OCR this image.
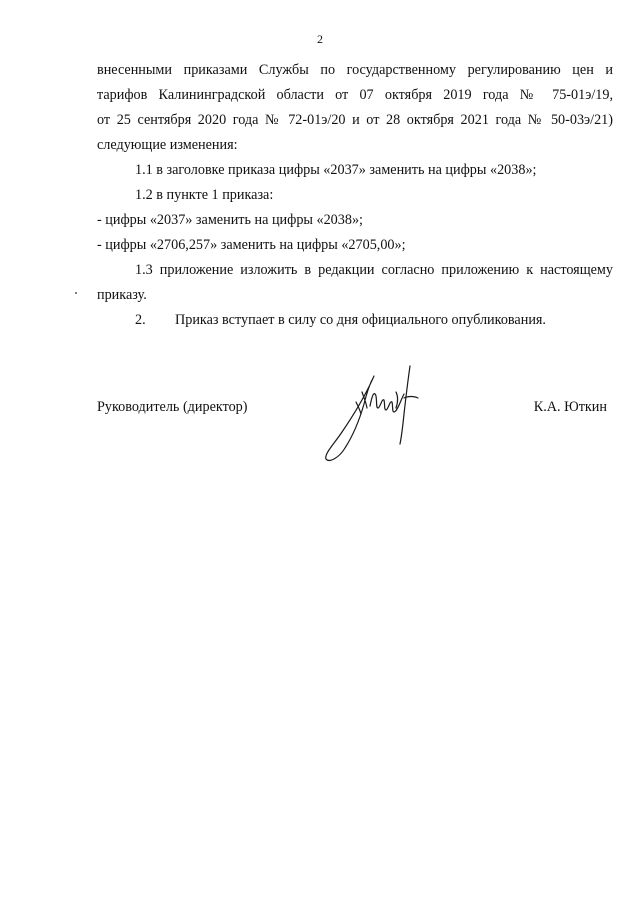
2

внесенными приказами Службы по государственному регулированию цен и

тарифов Калининградской области от 07 октября 2019 года № 75-01э/19,

от 25 сентября 2020 года № 72-01э/20 и от 28 октября 2021 года № 50-03э/21)

следующие изменения:

1.1 в заголовке приказа цифры «2037» заменить на цифры «2038»;

1.2 в пункте 1 приказа:

- цифры «2037» заменить на цифры «2038»;

- цифры «2706,257» заменить на цифры «2705,00»;

1.3 приложение изложить в редакции согласно приложению к настоящему

приказу.

2.	Приказ вступает в силу со дня официального опубликования.

Руководитель (директор)	К.А. Юткин
